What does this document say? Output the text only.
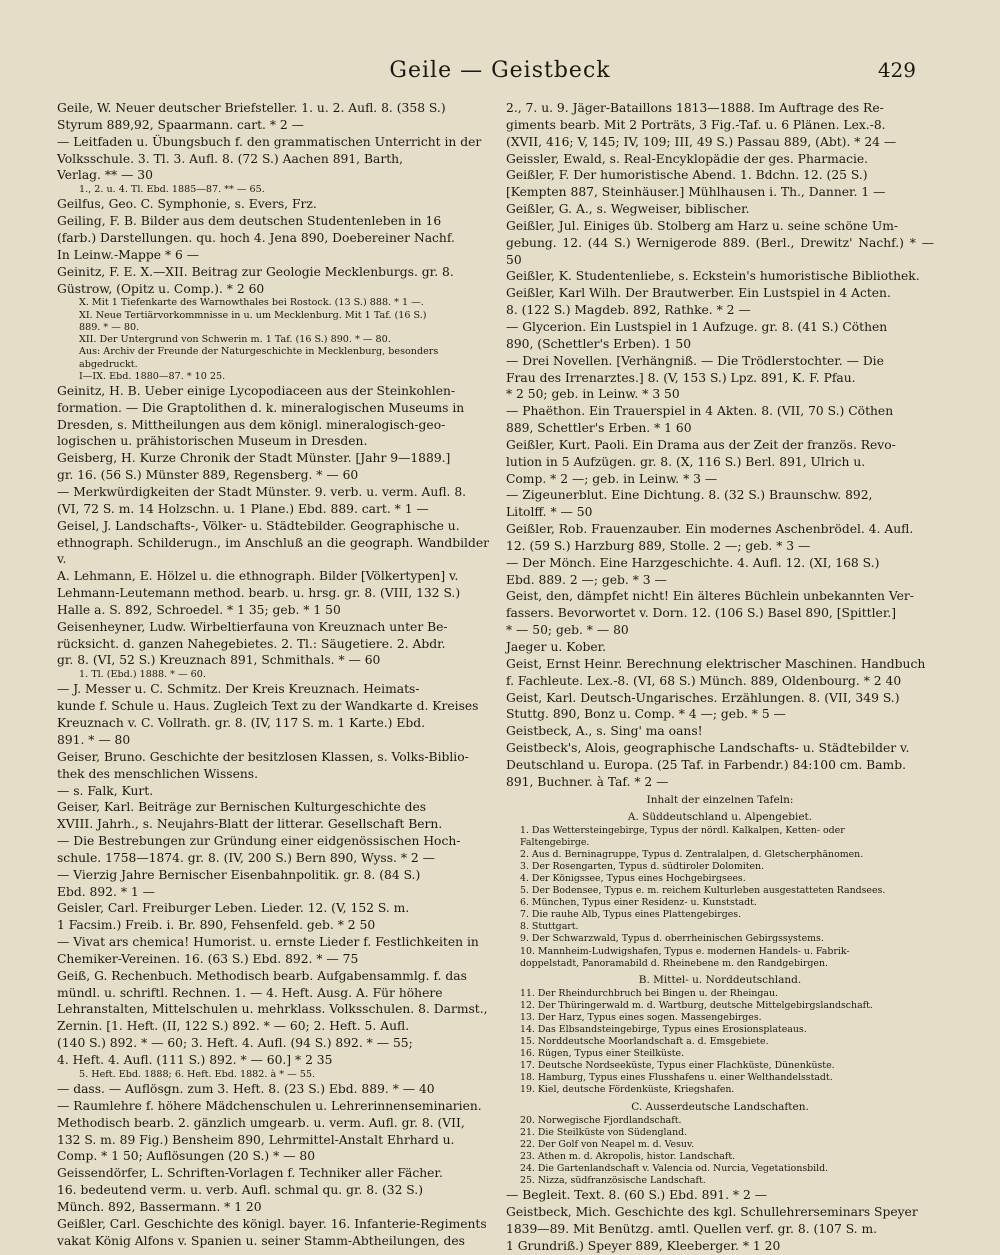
Geile — Geistbeck	429
Geile, W. Neuer deutscher Briefsteller. 1. u. 2. Aufl. 8. (358 S.)
Styrum 889,92, Spaarmann. cart. * 2 —
— Leitfaden u. Übungsbuch f. den grammatischen Unterricht in der
Volksschule. 3. Tl. 3. Aufl. 8. (72 S.) Aachen 891, Barth,
Verlag. ** — 30
1., 2. u. 4. Tl. Ebd. 1885—87. ** — 65.
Geilfus, Geo. C. Symphonie, s. Evers, Frz.
Geiling, F. B. Bilder aus dem deutschen Studentenleben in 16
(farb.) Darstellungen. qu. hoch 4. Jena 890, Doebereiner Nachf.
In Leinw.-Mappe * 6 —
Geinitz, F. E. X.—XII. Beitrag zur Geologie Mecklenburgs. gr. 8.
Güstrow, (Opitz u. Comp.). * 2 60
X. Mit 1 Tiefenkarte des Warnowthales bei Rostock. (13 S.) 888. * 1 —.
XI. Neue Tertiärvorkommnisse in u. um Mecklenburg. Mit 1 Taf. (16 S.)
889. * — 80.
XII. Der Untergrund von Schwerin m. 1 Taf. (16 S.) 890. * — 80.
Aus: Archiv der Freunde der Naturgeschichte in Mecklenburg, besonders
abgedruckt.
I—IX. Ebd. 1880—87. * 10 25.
Geinitz, H. B. Ueber einige Lycopodiaceen aus der Steinkohlen-
formation. — Die Graptolithen d. k. mineralogischen Museums in
Dresden, s. Mittheilungen aus dem königl. mineralogisch-geo-
logischen u. prähistorischen Museum in Dresden.
Geisberg, H. Kurze Chronik der Stadt Münster. [Jahr 9—1889.]
gr. 16. (56 S.) Münster 889, Regensberg. * — 60
— Merkwürdigkeiten der Stadt Münster. 9. verb. u. verm. Aufl. 8.
(VI, 72 S. m. 14 Holzschn. u. 1 Plane.) Ebd. 889. cart. * 1 —
Geisel, J. Landschafts-, Völker- u. Städtebilder. Geographische u.
ethnograph. Schilderugn., im Anschluß an die geograph. Wandbilder v.
A. Lehmann, E. Hölzel u. die ethnograph. Bilder [Völkertypen] v.
Lehmann-Leutemann method. bearb. u. hrsg. gr. 8. (VIII, 132 S.)
Halle a. S. 892, Schroedel. * 1 35; geb. * 1 50
Geisenheyner, Ludw. Wirbeltierfauna von Kreuznach unter Be-
rücksicht. d. ganzen Nahegebietes. 2. Tl.: Säugetiere. 2. Abdr.
gr. 8. (VI, 52 S.) Kreuznach 891, Schmithals. * — 60
1. Tl. (Ebd.) 1888. * — 60.
— J. Messer u. C. Schmitz. Der Kreis Kreuznach. Heimats-
kunde f. Schule u. Haus. Zugleich Text zu der Wandkarte d. Kreises
Kreuznach v. C. Vollrath. gr. 8. (IV, 117 S. m. 1 Karte.) Ebd.
891. * — 80
Geiser, Bruno. Geschichte der besitzlosen Klassen, s. Volks-Biblio-
thek des menschlichen Wissens.
— s. Falk, Kurt.
Geiser, Karl. Beiträge zur Bernischen Kulturgeschichte des
XVIII. Jahrh., s. Neujahrs-Blatt der litterar. Gesellschaft Bern.
— Die Bestrebungen zur Gründung einer eidgenössischen Hoch-
schule. 1758—1874. gr. 8. (IV, 200 S.) Bern 890, Wyss. * 2 —
— Vierzig Jahre Bernischer Eisenbahnpolitik. gr. 8. (84 S.)
Ebd. 892. * 1 —
Geisler, Carl. Freiburger Leben. Lieder. 12. (V, 152 S. m.
1 Facsim.) Freib. i. Br. 890, Fehsenfeld. geb. * 2 50
— Vivat ars chemica! Humorist. u. ernste Lieder f. Festlichkeiten in
Chemiker-Vereinen. 16. (63 S.) Ebd. 892. * — 75
Geiß, G. Rechenbuch. Methodisch bearb. Aufgabensammlg. f. das
mündl. u. schriftl. Rechnen. 1. — 4. Heft. Ausg. A. Für höhere
Lehranstalten, Mittelschulen u. mehrklass. Volksschulen. 8. Darmst.,
Zernin. [1. Heft. (II, 122 S.) 892. * — 60; 2. Heft. 5. Aufl.
(140 S.) 892. * — 60; 3. Heft. 4. Aufl. (94 S.) 892. * — 55;
4. Heft. 4. Aufl. (111 S.) 892. * — 60.] * 2 35
5. Heft. Ebd. 1888; 6. Heft. Ebd. 1882. à * — 55.
— dass. — Auflösgn. zum 3. Heft. 8. (23 S.) Ebd. 889. * — 40
— Raumlehre f. höhere Mädchenschulen u. Lehrerinnenseminarien.
Methodisch bearb. 2. gänzlich umgearb. u. verm. Aufl. gr. 8. (VII,
132 S. m. 89 Fig.) Bensheim 890, Lehrmittel-Anstalt Ehrhard u.
Comp. * 1 50; Auflösungen (20 S.) * — 80
Geissendörfer, L. Schriften-Vorlagen f. Techniker aller Fächer.
16. bedeutend verm. u. verb. Aufl. schmal qu. gr. 8. (32 S.)
Münch. 892, Bassermann. * 1 20
Geißler, Carl. Geschichte des königl. bayer. 16. Infanterie-Regiments
vakat König Alfons v. Spanien u. seiner Stamm-Abtheilungen, des
2., 7. u. 9. Jäger-Bataillons 1813—1888. Im Auftrage des Re-
giments bearb. Mit 2 Porträts, 3 Fig.-Taf. u. 6 Plänen. Lex.-8.
(XVII, 416; V, 145; IV, 109; III, 49 S.) Passau 889, (Abt). * 24 —
Geissler, Ewald, s. Real-Encyklopädie der ges. Pharmacie.
Geißler, F. Der humoristische Abend. 1. Bdchn. 12. (25 S.)
[Kempten 887, Steinhäuser.] Mühlhausen i. Th., Danner. 1 —
Geißler, G. A., s. Wegweiser, biblischer.
Geißler, Jul. Einiges üb. Stolberg am Harz u. seine schöne Um-
gebung. 12. (44 S.) Wernigerode 889. (Berl., Drewitz' Nachf.) * — 50
Geißler, K. Studentenliebe, s. Eckstein's humoristische Bibliothek.
Geißler, Karl Wilh. Der Brautwerber. Ein Lustspiel in 4 Acten.
8. (122 S.) Magdeb. 892, Rathke. * 2 —
— Glycerion. Ein Lustspiel in 1 Aufzuge. gr. 8. (41 S.) Cöthen
890, (Schettler's Erben). 1 50
— Drei Novellen. [Verhängniß. — Die Trödlerstochter. — Die
Frau des Irrenarztes.] 8. (V, 153 S.) Lpz. 891, K. F. Pfau.
* 2 50; geb. in Leinw. * 3 50
— Phaëthon. Ein Trauerspiel in 4 Akten. 8. (VII, 70 S.) Cöthen
889, Schettler's Erben. * 1 60
Geißler, Kurt. Paoli. Ein Drama aus der Zeit der französ. Revo-
lution in 5 Aufzügen. gr. 8. (X, 116 S.) Berl. 891, Ulrich u.
Comp. * 2 —; geb. in Leinw. * 3 —
— Zigeunerblut. Eine Dichtung. 8. (32 S.) Braunschw. 892,
Litolff. * — 50
Geißler, Rob. Frauenzauber. Ein modernes Aschenbrödel. 4. Aufl.
12. (59 S.) Harzburg 889, Stolle. 2 —; geb. * 3 —
— Der Mönch. Eine Harzgeschichte. 4. Aufl. 12. (XI, 168 S.)
Ebd. 889. 2 —; geb. * 3 —
Geist, den, dämpfet nicht! Ein älteres Büchlein unbekannten Ver-
fassers. Bevorwortet v. Dorn. 12. (106 S.) Basel 890, [Spittler.]
* — 50; geb. * — 80
Jaeger u. Kober.
Geist, Ernst Heinr. Berechnung elektrischer Maschinen. Handbuch
f. Fachleute. Lex.-8. (VI, 68 S.) Münch. 889, Oldenbourg. * 2 40
Geist, Karl. Deutsch-Ungarisches. Erzählungen. 8. (VII, 349 S.)
Stuttg. 890, Bonz u. Comp. * 4 —; geb. * 5 —
Geistbeck, A., s. Sing' ma oans!
Geistbeck's, Alois, geographische Landschafts- u. Städtebilder v.
Deutschland u. Europa. (25 Taf. in Farbendr.) 84:100 cm. Bamb.
891, Buchner. à Taf. * 2 —
Inhalt der einzelnen Tafeln:
A. Süddeutschland u. Alpengebiet.
1. Das Wettersteingebirge, Typus der nördl. Kalkalpen, Ketten- oder
Faltengebirge.
2. Aus d. Berninagruppe, Typus d. Zentralalpen, d. Gletscherphänomen.
3. Der Rosengarten, Typus d. südtiroler Dolomiten.
4. Der Königssee, Typus eines Hochgebirgsees.
5. Der Bodensee, Typus e. m. reichem Kulturleben ausgestatteten Randsees.
6. München, Typus einer Residenz- u. Kunststadt.
7. Die rauhe Alb, Typus eines Plattengebirges.
8. Stuttgart.
9. Der Schwarzwald, Typus d. oberrheinischen Gebirgssystems.
10. Mannheim-Ludwigshafen, Typus e. modernen Handels- u. Fabrik-
doppelstadt, Panoramabild d. Rheinebene m. den Randgebirgen.
B. Mittel- u. Norddeutschland.
11. Der Rheindurchbruch bei Bingen u. der Rheingau.
12. Der Thüringerwald m. d. Wartburg, deutsche Mittelgebirgslandschaft.
13. Der Harz, Typus eines sogen. Massengebirges.
14. Das Elbsandsteingebirge, Typus eines Erosionsplateaus.
15. Norddeutsche Moorlandschaft a. d. Emsgebiete.
16. Rügen, Typus einer Steilküste.
17. Deutsche Nordseeküste, Typus einer Flachküste, Dünenküste.
18. Hamburg, Typus eines Flusshafens u. einer Welthandelsstadt.
19. Kiel, deutsche Fördenküste, Kriegshafen.
C. Ausserdeutsche Landschaften.
20. Norwegische Fjordlandschaft.
21. Die Steilküste von Südengland.
22. Der Golf von Neapel m. d. Vesuv.
23. Athen m. d. Akropolis, histor. Landschaft.
24. Die Gartenlandschaft v. Valencia od. Nurcia, Vegetationsbild.
25. Nizza, südfranzösische Landschaft.
— Begleit. Text. 8. (60 S.) Ebd. 891. * 2 —
Geistbeck, Mich. Geschichte des kgl. Schullehrerseminars Speyer
1839—89. Mit Benützg. amtl. Quellen verf. gr. 8. (107 S. m.
1 Grundriß.) Speyer 889, Kleeberger. * 1 20
